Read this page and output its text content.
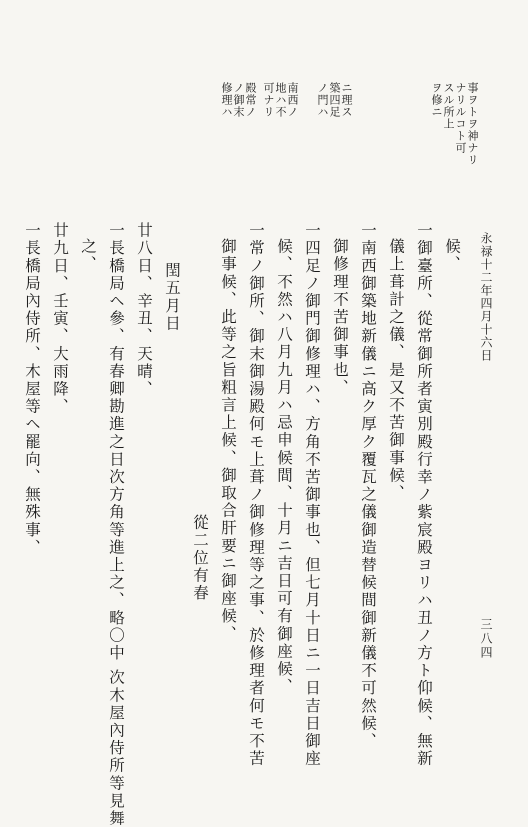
永禄十二年四月十六日
三八四
事ヲトヲ神ナリ
ナリルコト可
スル所上
ヲ修ニ
ニ理ス
築四足
ノ門ハ
南西ノ
地ハ不
可ナリ
殿常ノ
ノ御末
修理ハ
候、
一御臺所、從常御所者寅別殿行幸ノ紫宸殿ヨリハ丑ノ方ト仰候、無新
儀上葺計之儀、是又不苦御事候、
一南西御築地新儀ニ高ク厚ク覆瓦之儀御造替候間御新儀不可然候、
御修理不苦御事也、
一四足ノ御門御修理ハ、方角不苦御事也、但七月十日ニ一日吉日御座
候、不然ハ八月九月ハ忌申候間、十月ニ吉日可有御座候、
一常ノ御所、御末御湯殿何モ上葺ノ御修理等之事、於修理者何モ不苦
御事候、此等之旨粗言上候、御取合肝要ニ御座候、
從二位有春
閏五月日
廿八日、辛丑、天晴、
一長橋局ヘ參、有春卿勘進之日次方角等進上之、略〇中 次木屋內侍所等見舞
之、
廿九日、壬寅、大雨降、
一長橋局內侍所、木屋等ヘ罷向、無殊事、
